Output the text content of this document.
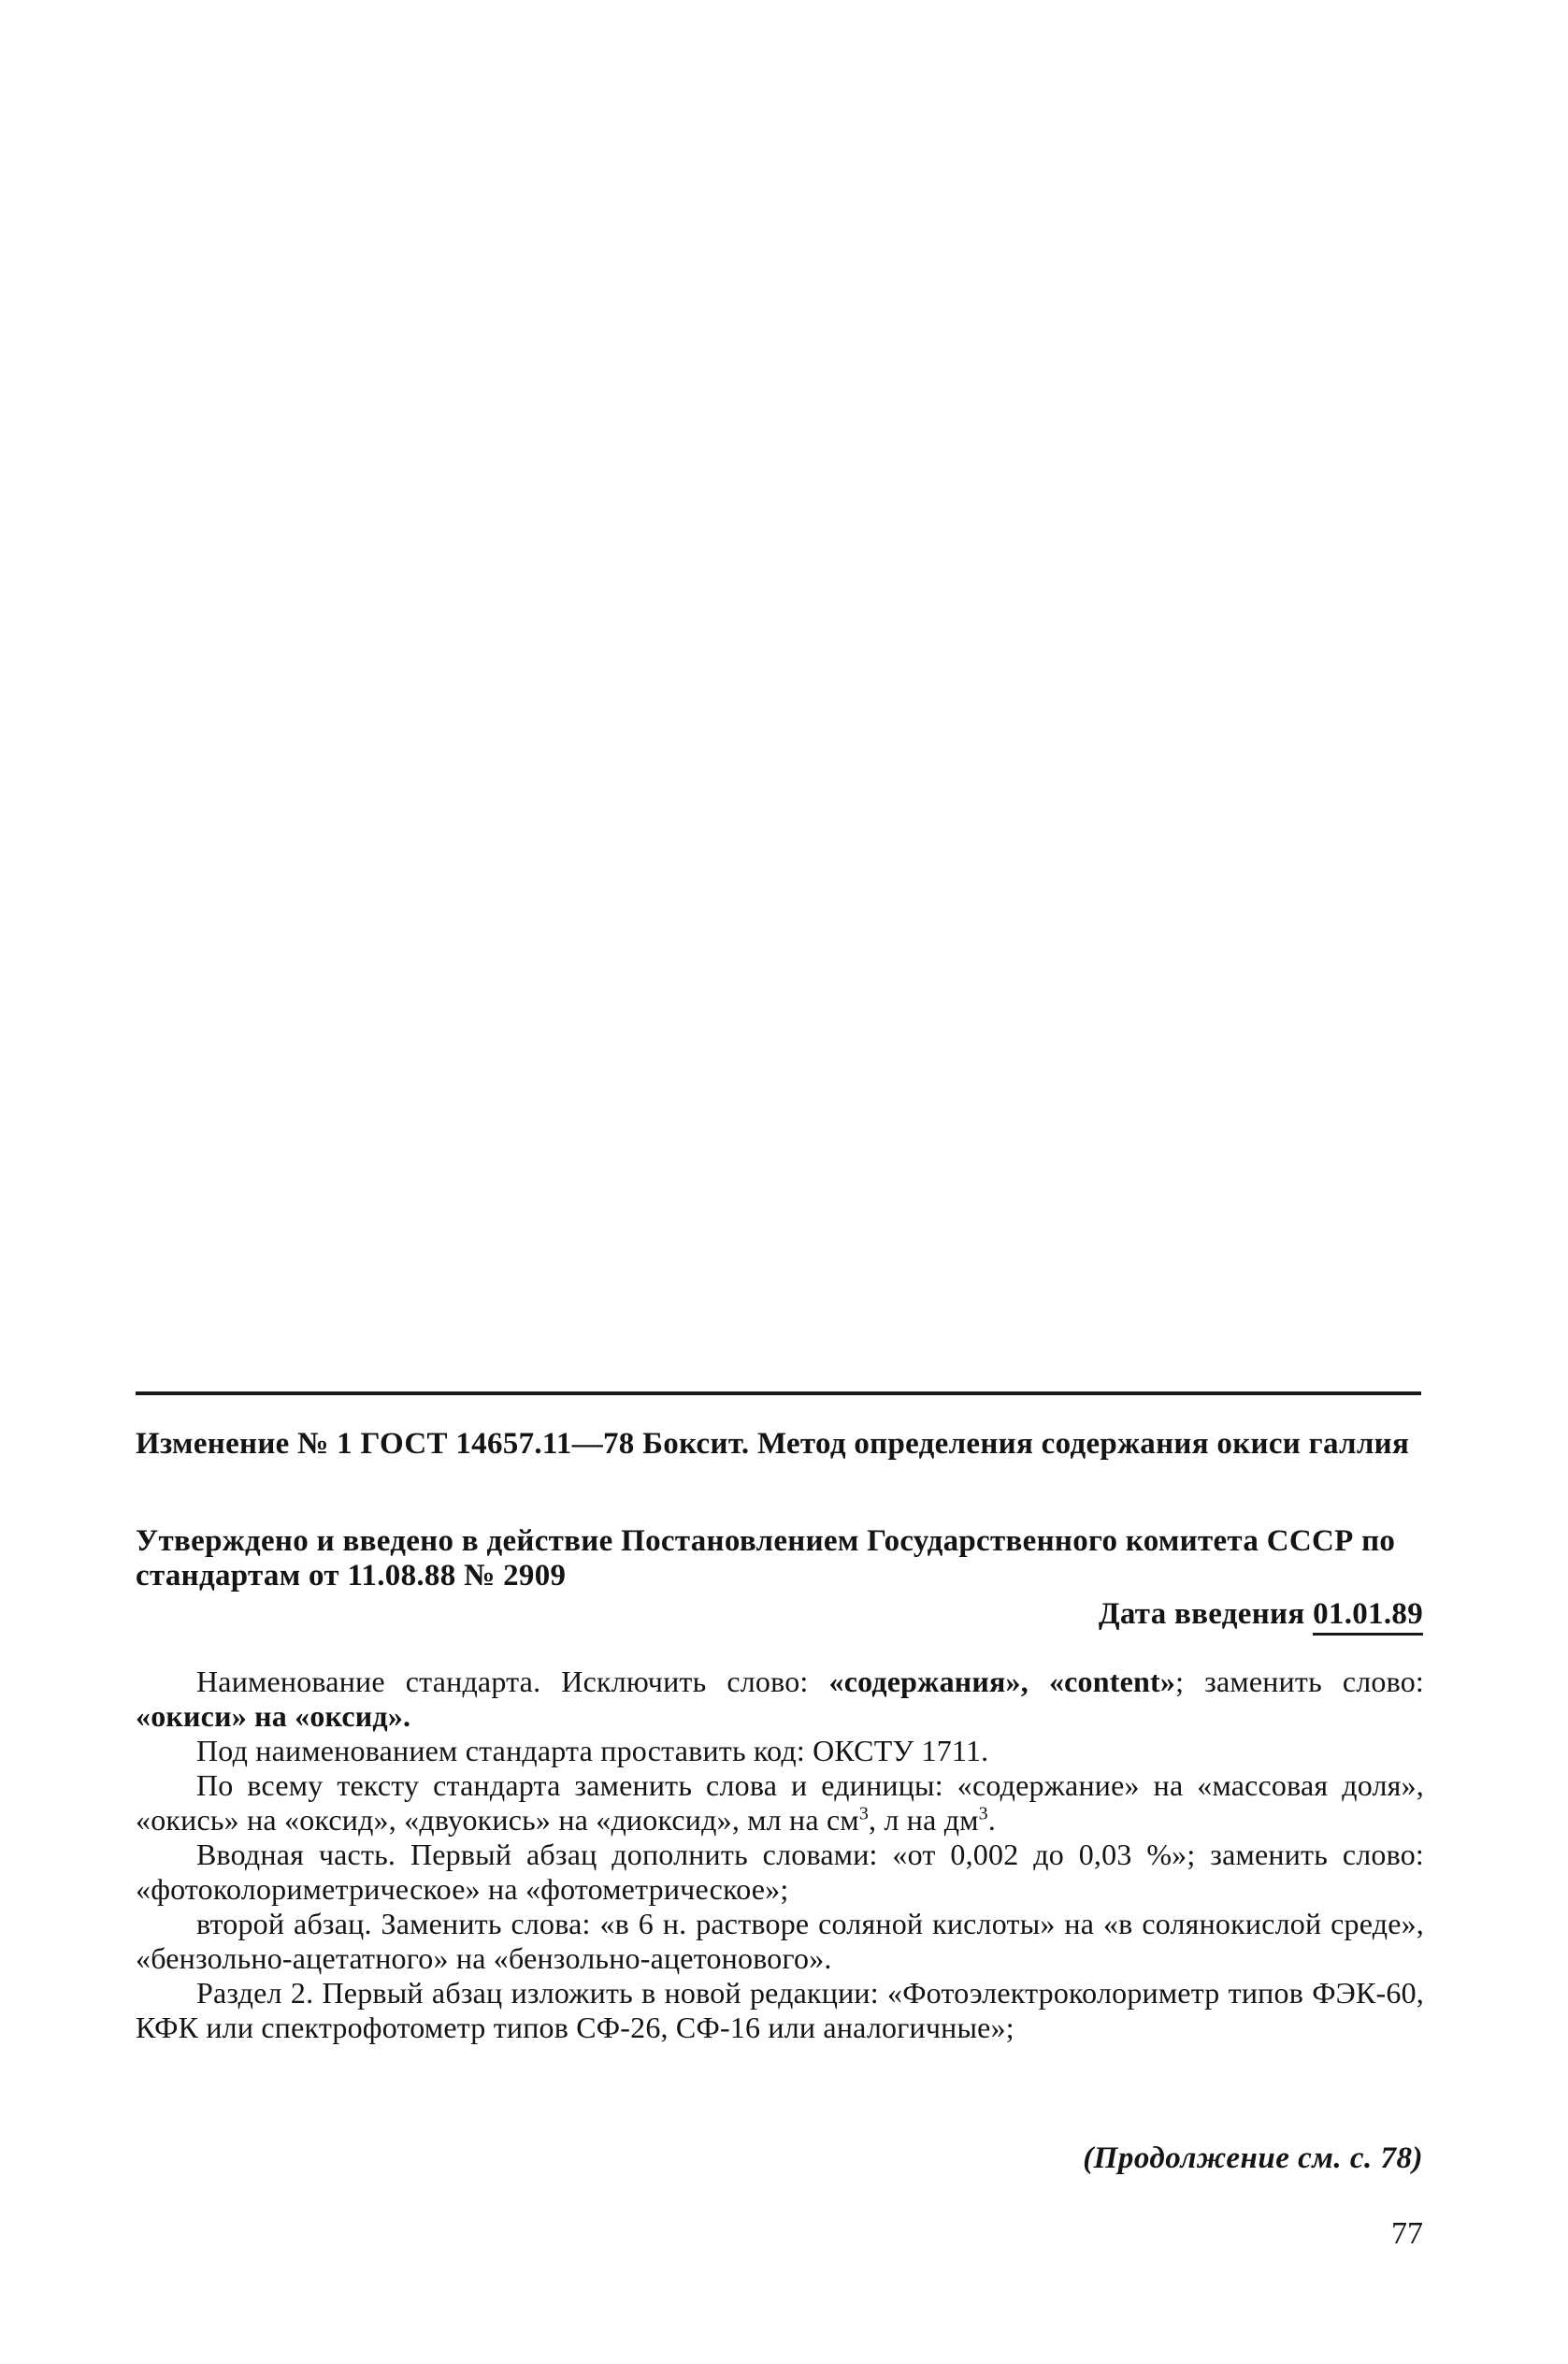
Изменение № 1 ГОСТ 14657.11—78 Боксит. Метод определения содержания окиси галлия
Утверждено и введено в действие Постановлением Государственного комитета СССР по стандартам от 11.08.88 № 2909
Дата введения 01.01.89

Наименование стандарта. Исключить слово: «содержания», «content»; заменить слово: «окиси» на «оксид».

Под наименованием стандарта проставить код: ОКСТУ 1711.

По всему тексту стандарта заменить слова и единицы: «содержание» на «массовая доля», «окись» на «оксид», «двуокись» на «диоксид», мл на $см^3$, л на $дм^3$.

Вводная часть. Первый абзац дополнить словами: «от 0,002 до 0,03 %»; заменить слово: «фотоколориметрическое» на «фотометрическое»;

второй абзац. Заменить слова: «в 6 н. растворе соляной кислоты» на «в солянокислой среде», «бензольно-ацетатного» на «бензольно-ацетонового».

Раздел 2. Первый абзац изложить в новой редакции: «Фотоэлектроколориметр типов ФЭК-60, КФК или спектрофотометр типов СФ-26, СФ-16 или аналогичные»;

(Продолжение см. с. 78)
77
